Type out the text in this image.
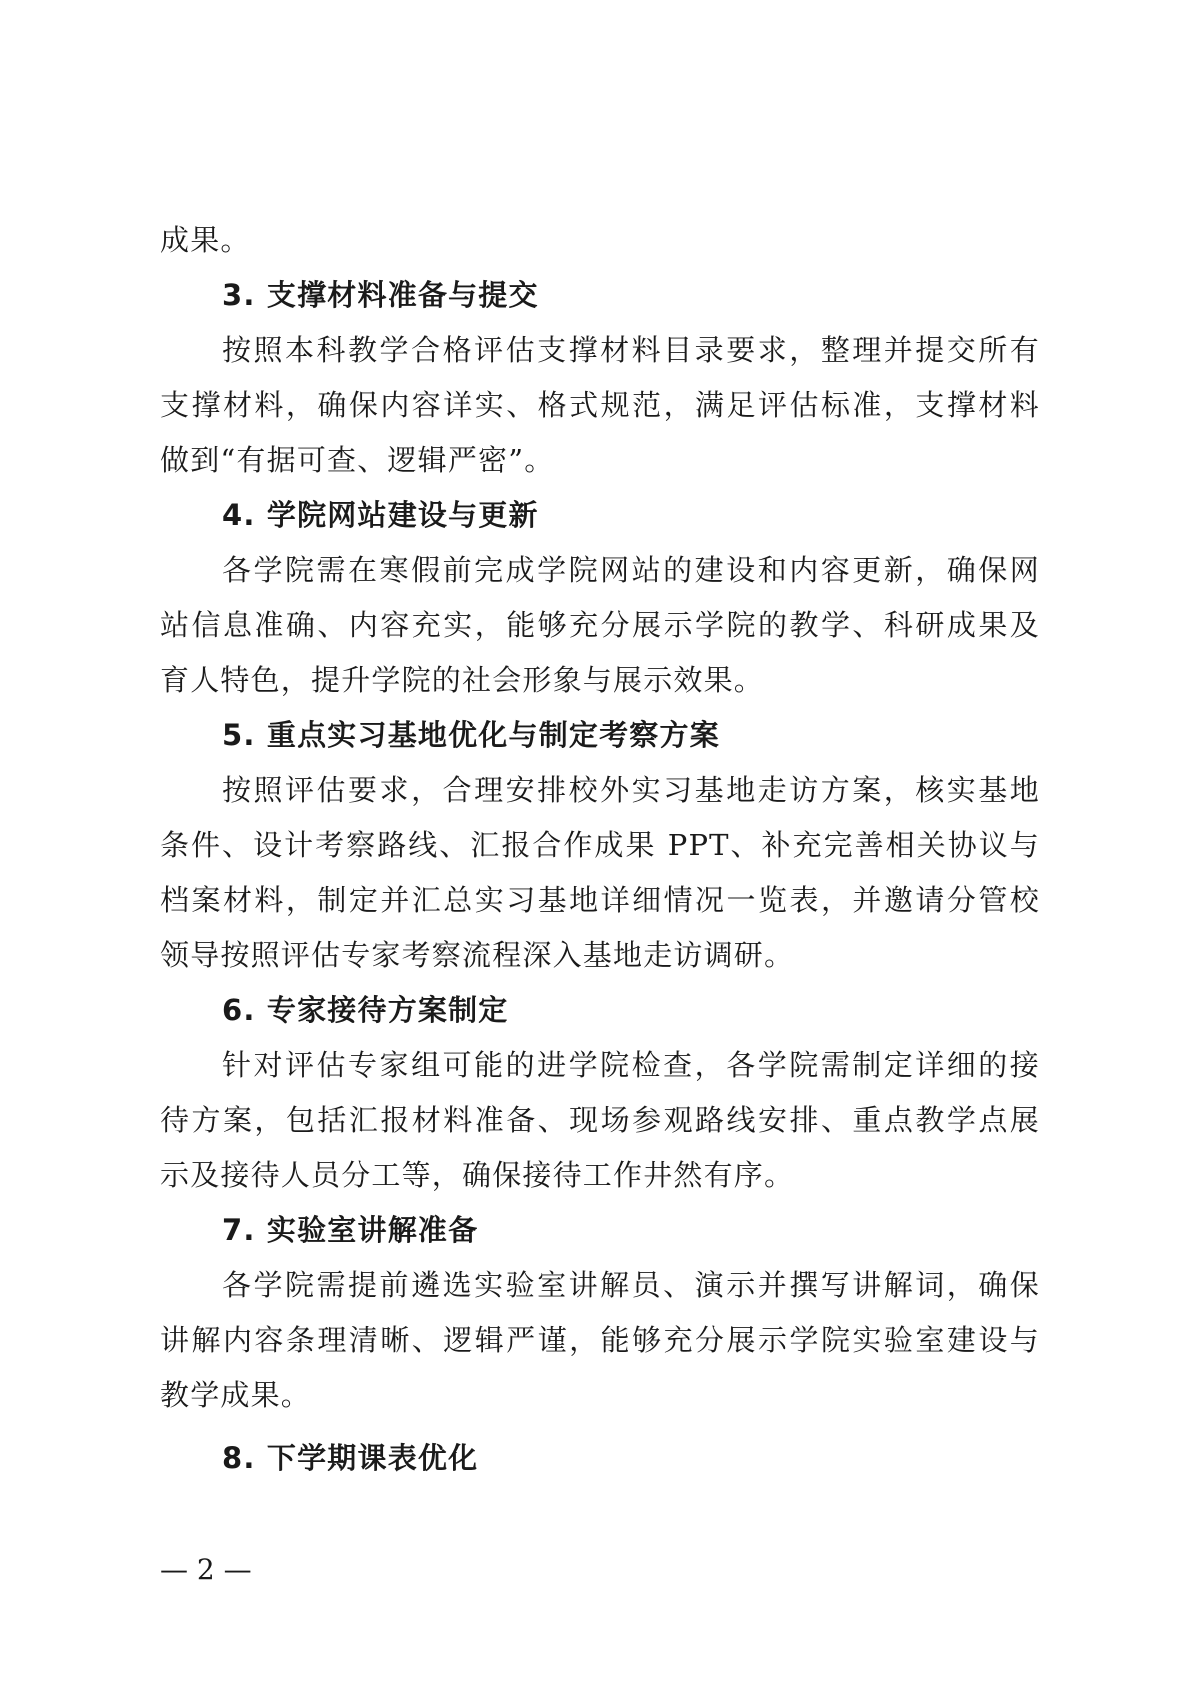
成果。
3. 支撑材料准备与提交
按照本科教学合格评估支撑材料目录要求，整理并提交所有
支撑材料，确保内容详实、格式规范，满足评估标准，支撑材料
做到“有据可查、逻辑严密”。
4. 学院网站建设与更新
各学院需在寒假前完成学院网站的建设和内容更新，确保网
站信息准确、内容充实，能够充分展示学院的教学、科研成果及
育人特色，提升学院的社会形象与展示效果。
5. 重点实习基地优化与制定考察方案
按照评估要求，合理安排校外实习基地走访方案，核实基地
条件、设计考察路线、汇报合作成果 PPT、补充完善相关协议与
档案材料，制定并汇总实习基地详细情况一览表，并邀请分管校
领导按照评估专家考察流程深入基地走访调研。
6. 专家接待方案制定
针对评估专家组可能的进学院检查，各学院需制定详细的接
待方案，包括汇报材料准备、现场参观路线安排、重点教学点展
示及接待人员分工等，确保接待工作井然有序。
7. 实验室讲解准备
各学院需提前遴选实验室讲解员、演示并撰写讲解词，确保
讲解内容条理清晰、逻辑严谨，能够充分展示学院实验室建设与
教学成果。
8. 下学期课表优化
— 2 —
